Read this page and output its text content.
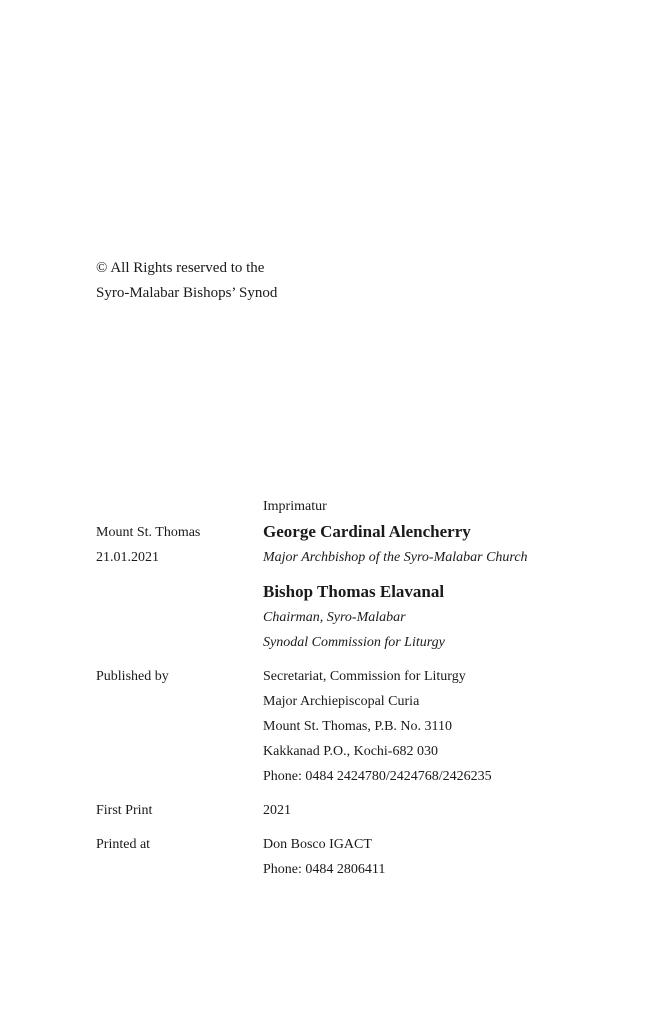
© All Rights reserved to the
Syro-Malabar Bishops’ Synod
Imprimatur
Mount St. Thomas	George Cardinal Alencherry
21.01.2021	Major Archbishop of the Syro-Malabar Church
Bishop Thomas Elavanal
Chairman, Syro-Malabar
Synodal Commission for Liturgy
Published by	Secretariat, Commission for Liturgy
Major Archiepiscopal Curia
Mount St. Thomas, P.B. No. 3110
Kakkanad P.O., Kochi-682 030
Phone: 0484 2424780/2424768/2426235
First Print	2021
Printed at	Don Bosco IGACT
Phone: 0484 2806411
